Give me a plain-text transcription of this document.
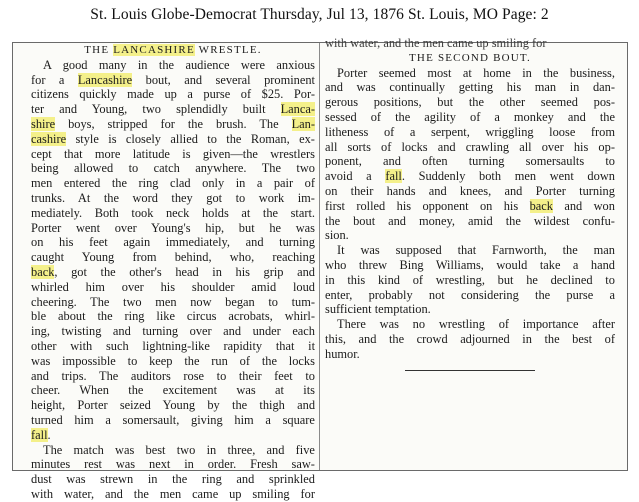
St. Louis Globe-Democrat Thursday, Jul 13, 1876 St. Louis, MO Page: 2
THE LANCASHIRE WRESTLE.
A good many in the audience were anxious
for a Lancashire bout, and several prominent
citizens quickly made up a purse of $25. Por-
ter and Young, two splendidly built Lanca-
shire boys, stripped for the brush. The Lan-
cashire style is closely allied to the Roman, ex-
cept that more latitude is given—the wrestlers
being allowed to catch anywhere. The two
men entered the ring clad only in a pair of
trunks. At the word they got to work im-
mediately. Both took neck holds at the start.
Porter went over Young's hip, but he was
on his feet again immediately, and turning
caught Young from behind, who, reaching
back, got the other's head in his grip and
whirled him over his shoulder amid loud
cheering. The two men now began to tum-
ble about the ring like circus acrobats, whirl-
ing, twisting and turning over and under each
other with such lightning-like rapidity that it
was impossible to keep the run of the locks
and trips. The auditors rose to their feet to
cheer. When the excitement was at its
height, Porter seized Young by the thigh and
turned him a somersault, giving him a square
fall.
The match was best two in three, and five
minutes rest was next in order. Fresh saw-
dust was strewn in the ring and sprinkled
with water, and the men came up smiling for
with water, and the men came up smiling for
THE SECOND BOUT.
Porter seemed most at home in the business,
and was continually getting his man in dan-
gerous positions, but the other seemed pos-
sessed of the agility of a monkey and the
litheness of a serpent, wriggling loose from
all sorts of locks and crawling all over his op-
ponent, and often turning somersaults to
avoid a fall. Suddenly both men went down
on their hands and knees, and Porter turning
first rolled his opponent on his back and won
the bout and money, amid the wildest confu-
sion.
It was supposed that Farnworth, the man
who threw Bing Williams, would take a hand
in this kind of wrestling, but he declined to
enter, probably not considering the purse a
sufficient temptation.
There was no wrestling of importance after
this, and the crowd adjourned in the best of
humor.
